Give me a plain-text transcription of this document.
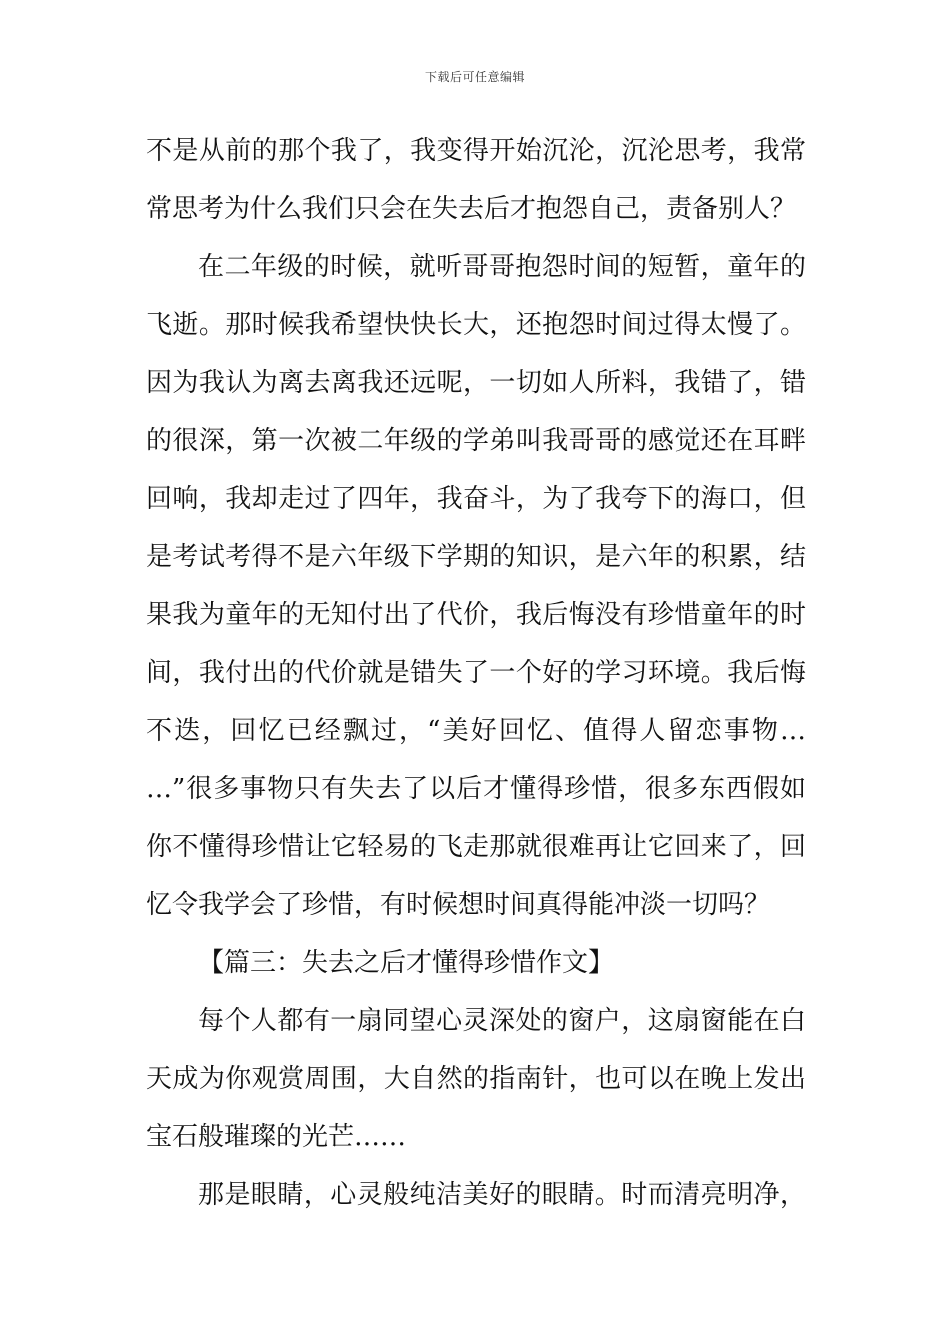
下载后可任意编辑
不是从前的那个我了，我变得开始沉沦，沉沦思考，我常
常思考为什么我们只会在失去后才抱怨自己，责备别人？
在二年级的时候，就听哥哥抱怨时间的短暂，童年的
飞逝。那时候我希望快快长大，还抱怨时间过得太慢了。
因为我认为离去离我还远呢，一切如人所料，我错了，错
的很深，第一次被二年级的学弟叫我哥哥的感觉还在耳畔
回响，我却走过了四年，我奋斗，为了我夸下的海口，但
是考试考得不是六年级下学期的知识，是六年的积累，结
果我为童年的无知付出了代价，我后悔没有珍惜童年的时
间，我付出的代价就是错失了一个好的学习环境。我后悔
不迭，回忆已经飘过，“美好回忆、值得人留恋事物…
…”很多事物只有失去了以后才懂得珍惜，很多东西假如
你不懂得珍惜让它轻易的飞走那就很难再让它回来了，回
忆令我学会了珍惜，有时候想时间真得能冲淡一切吗？
【篇三：失去之后才懂得珍惜作文】
每个人都有一扇同望心灵深处的窗户，这扇窗能在白
天成为你观赏周围，大自然的指南针，也可以在晚上发出
宝石般璀璨的光芒……
那是眼睛，心灵般纯洁美好的眼睛。时而清亮明净，
